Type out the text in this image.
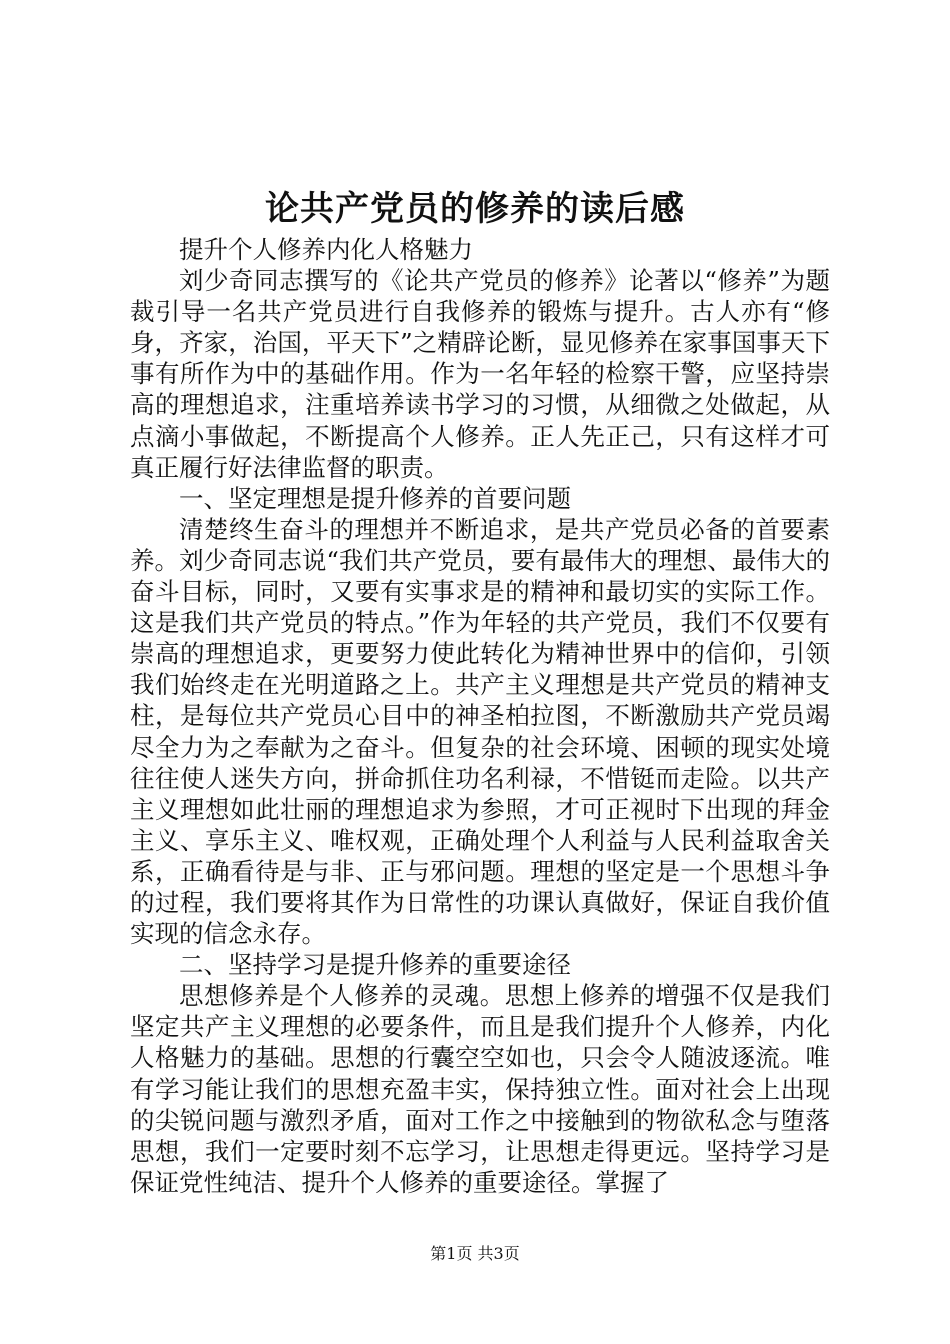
论共产党员的修养的读后感

提升个人修养内化人格魅力

刘少奇同志撰写的《论共产党员的修养》论著以“修养”为题裁引导一名共产党员进行自我修养的锻炼与提升。古人亦有“修身，齐家，治国，平天下”之精辟论断，显见修养在家事国事天下事有所作为中的基础作用。作为一名年轻的检察干警，应坚持崇高的理想追求，注重培养读书学习的习惯，从细微之处做起，从点滴小事做起，不断提高个人修养。正人先正己，只有这样才可真正履行好法律监督的职责。

一、坚定理想是提升修养的首要问题

清楚终生奋斗的理想并不断追求，是共产党员必备的首要素养。刘少奇同志说“我们共产党员，要有最伟大的理想、最伟大的奋斗目标，同时，又要有实事求是的精神和最切实的实际工作。这是我们共产党员的特点。”作为年轻的共产党员，我们不仅要有崇高的理想追求，更要努力使此转化为精神世界中的信仰，引领我们始终走在光明道路之上。共产主义理想是共产党员的精神支柱，是每位共产党员心目中的神圣柏拉图，不断激励共产党员竭尽全力为之奉献为之奋斗。但复杂的社会环境、困顿的现实处境往往使人迷失方向，拼命抓住功名利禄，不惜铤而走险。以共产主义理想如此壮丽的理想追求为参照，才可正视时下出现的拜金主义、享乐主义、唯权观，正确处理个人利益与人民利益取舍关系，正确看待是与非、正与邪问题。理想的坚定是一个思想斗争的过程，我们要将其作为日常性的功课认真做好，保证自我价值实现的信念永存。

二、坚持学习是提升修养的重要途径

思想修养是个人修养的灵魂。思想上修养的增强不仅是我们坚定共产主义理想的必要条件，而且是我们提升个人修养，内化人格魅力的基础。思想的行囊空空如也，只会令人随波逐流。唯有学习能让我们的思想充盈丰实，保持独立性。面对社会上出现的尖锐问题与激烈矛盾，面对工作之中接触到的物欲私念与堕落思想，我们一定要时刻不忘学习，让思想走得更远。坚持学习是保证党性纯洁、提升个人修养的重要途径。掌握了

第1页 共3页
